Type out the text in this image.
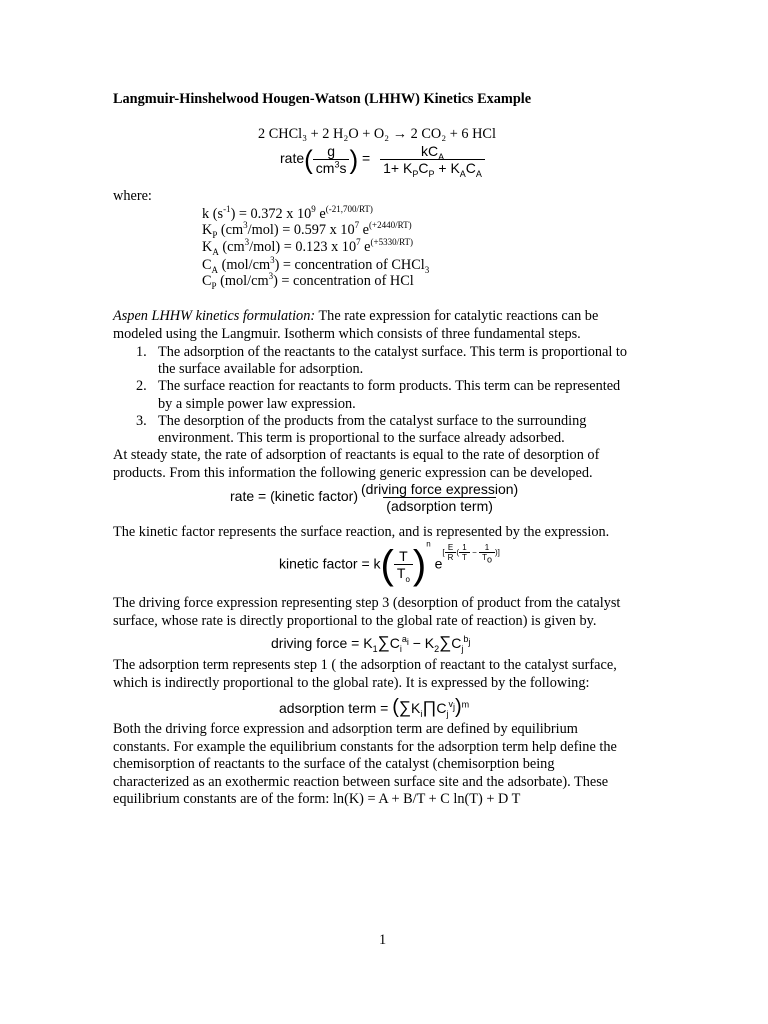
Langmuir-Hinshelwood Hougen-Watson (LHHW) Kinetics Example
2 CHCl₃ + 2 H₂O + O₂ → 2 CO₂ + 6 HCl
rate( $\frac{g}{cm^3s}$ ) = $\frac{kC_A}{1+ K_PC_P + K_AC_A}$
where:
k $(s^{-1}) = 0.372$ x $10^9$ $e^{(-21,700/RT)}$
$K_P$ $(cm^3/mol) = 0.597$ x $10^7$ $e^{(+2440/RT)}$
$K_A$ $(cm^3/mol) = 0.123$ x $10^7$ $e^{(+5330/RT)}$
$C_A$ $(mol/cm^3)$ = concentration of CHCl$_3$
$C_P$ $(mol/cm^3)$ = concentration of HCl
Aspen LHHW kinetics formulation: The rate expression for catalytic reactions can be
modeled using the Langmuir. Isotherm which consists of three fundamental steps.
1. The adsorption of the reactants to the catalyst surface. This term is proportional to
the surface available for adsorption.
2. The surface reaction for reactants to form products. This term can be represented
by a simple power law expression.
3. The desorption of the products from the catalyst surface to the surrounding
environment. This term is proportional to the surface already adsorbed.
At steady state, the rate of adsorption of reactants is equal to the rate of desorption of
products. From this information the following generic expression can be developed.
rate = (kinetic factor) $\frac{\text{(driving force expression)}}{\text{(adsorption term)}}$
The kinetic factor represents the surface reaction, and is represented by the expression.
kinetic factor = $k( \frac{T}{T_o} )^n$ e[ E
R ( 1
T − 1
To )]
The driving force expression representing step 3 (desorption of product from the catalyst
surface, whose rate is directly proportional to the global rate of reaction) is given by.
driving force = $K_1\sum C_i^{a_i} - K_2\sum C_j^{b_j}$
The adsorption term represents step 1 ( the adsorption of reactant to the catalyst surface,
which is indirectly proportional to the global rate). It is expressed by the following:
adsorption term = $(\sum K_i\prod C_j^{v_j})^m$
Both the driving force expression and adsorption term are defined by equilibrium
constants. For example the equilibrium constants for the adsorption term help define the
chemisorption of reactants to the surface of the catalyst (chemisorption being
characterized as an exothermic reaction between surface site and the adsorbate). These
equilibrium constants are of the form: ln(K) = A + B/T + C ln(T) + D T
1
